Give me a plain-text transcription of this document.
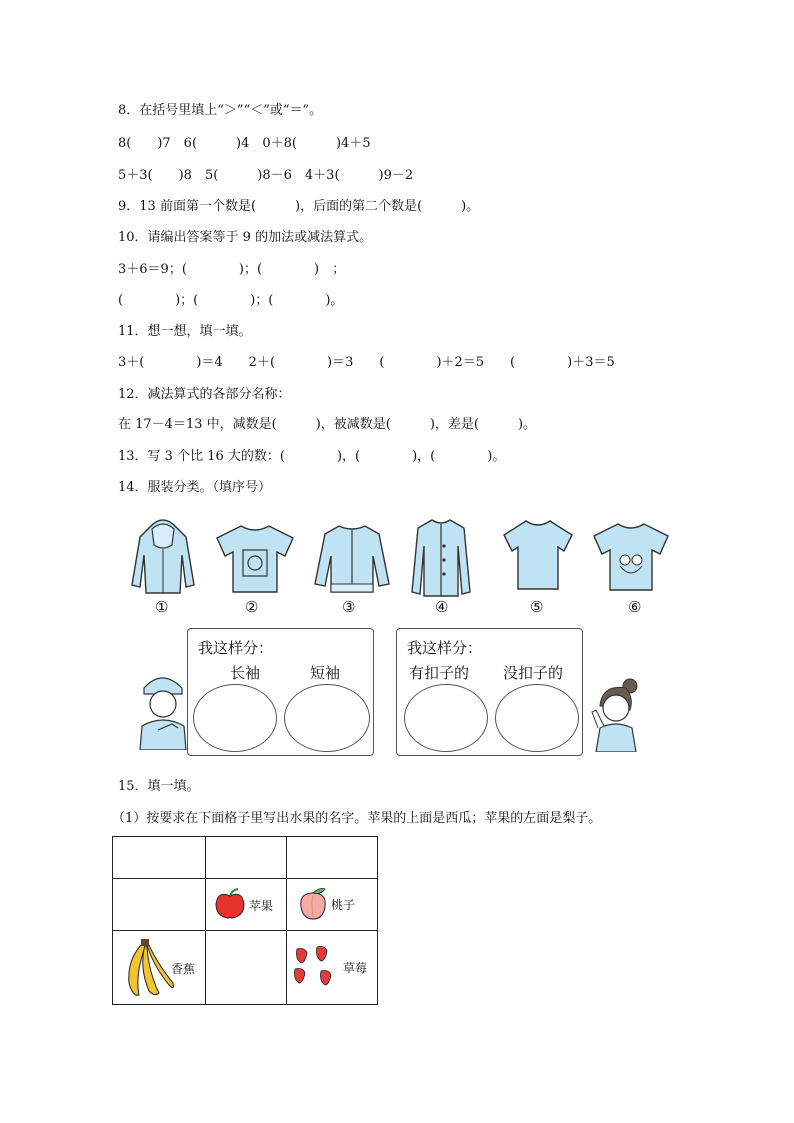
8．在括号里填上“＞”“＜”或“＝”。
8(　　)7　6(　　　)4　0＋8(　　　)4＋5
5＋3(　　)8　5(　　　)8－6　4＋3(　　　)9－2
9．13 前面第一个数是(　　　)，后面的第二个数是(　　　)。
10．请编出答案等于 9 的加法或减法算式。
3＋6＝9；(　　　　)；(　　　　)　；
(　　　　)；(　　　　)；(　　　　)。
11．想一想，填一填。
3＋(　　　　)＝4　　2＋(　　　　)＝3　　(　　　　)＋2＝5　　(　　　　)＋3＝5
12．减法算式的各部分名称：
在 17－4＝13 中，减数是(　　　)，被减数是(　　　)，差是(　　　)。
13．写 3 个比 16 大的数：(　　　　)，(　　　　)，(　　　　)。
14．服装分类。（填序号）
①	②	③	④	⑤	⑥
我这样分：
长袖	短袖
我这样分：
有扣子的 没扣子的
15．填一填。
（1）按要求在下面格子里写出水果的名字。苹果的上面是西瓜；苹果的左面是梨子。

	苹果	桃子

香蕉		草莓
